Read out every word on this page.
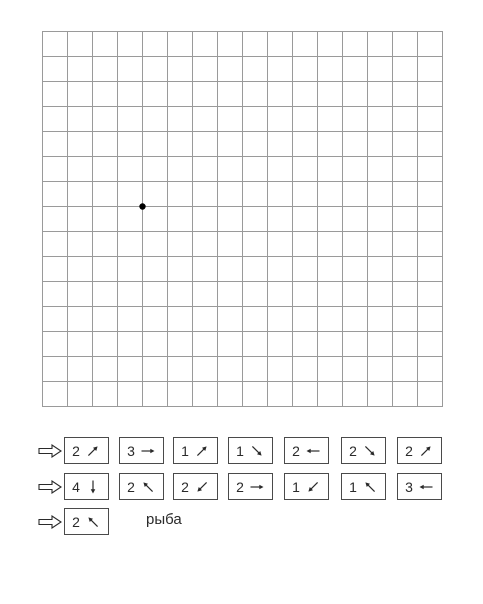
2	3	1	1	2	2	2
4	2	2	2	1	1	3
2	рыба
